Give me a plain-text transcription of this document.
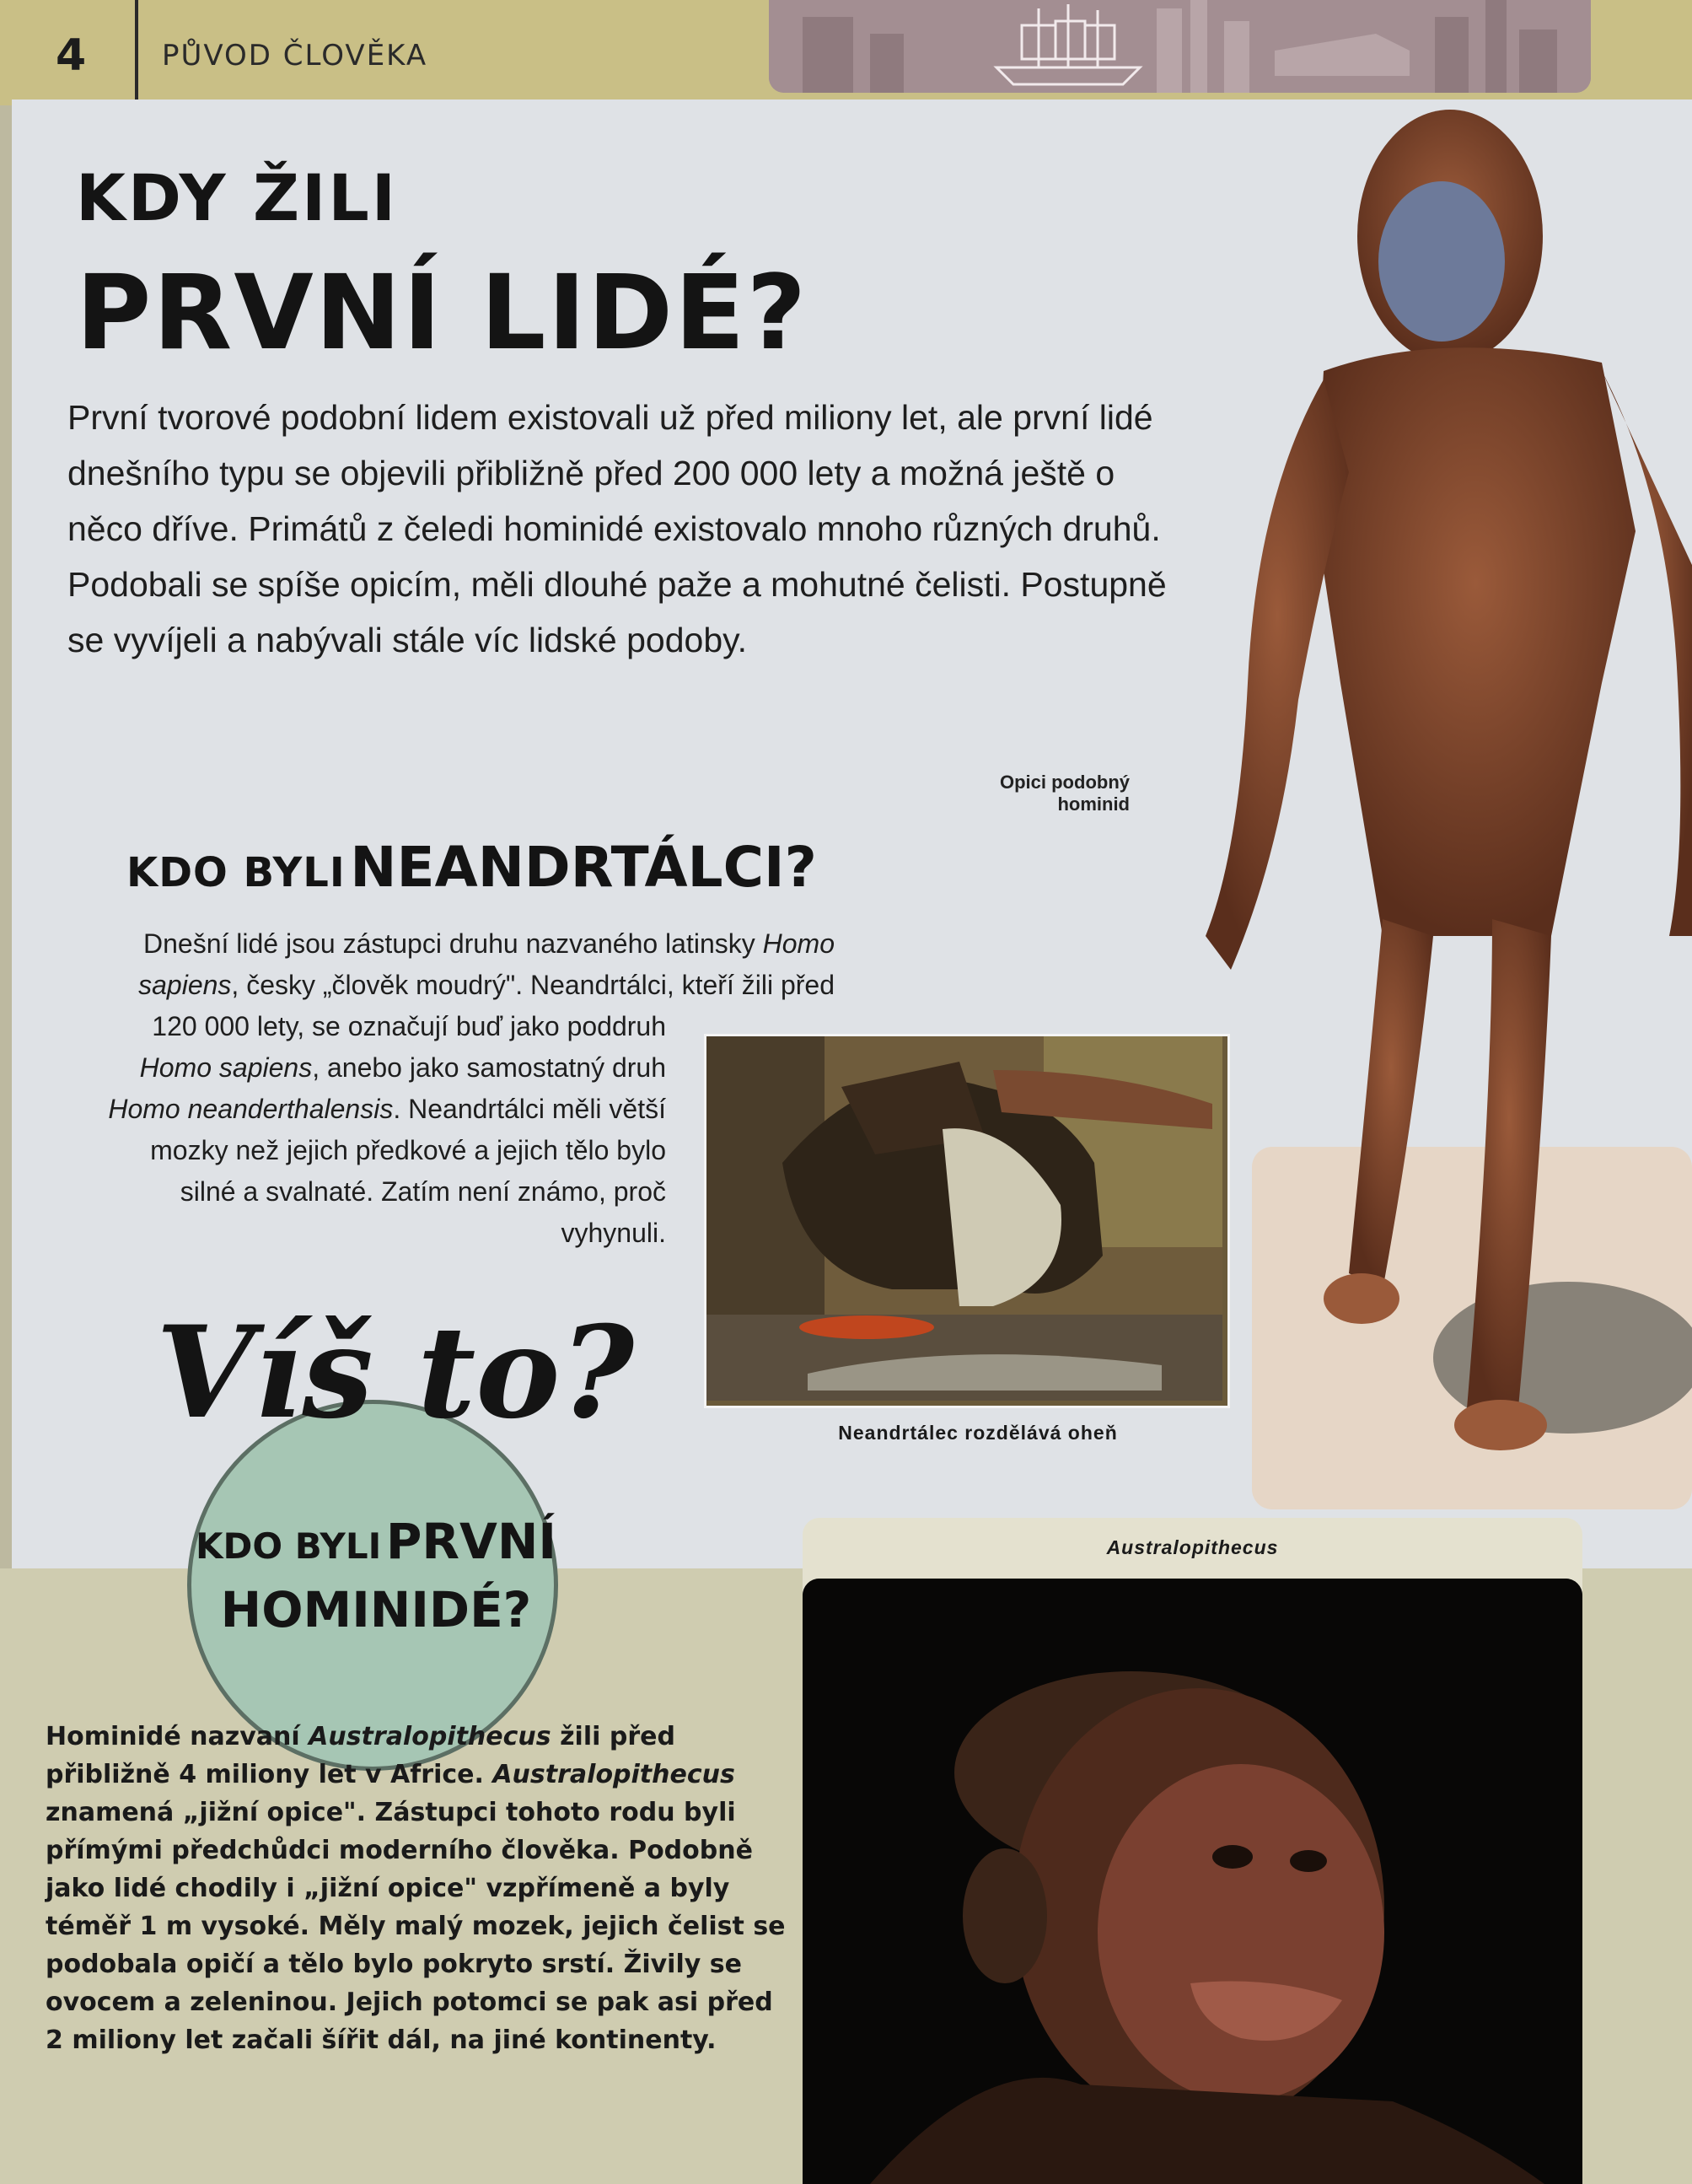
4	PŮVOD ČLOVĚKA
KDY ŽILI
PRVNÍ LIDÉ?
První tvorové podobní lidem existovali už před miliony let, ale první lidé dnešního typu se objevili přibližně před 200 000 lety a možná ještě o něco dříve. Primátů z čeledi hominidé existovalo mnoho různých druhů. Podobali se spíše opicím, měli dlouhé paže a mohutné čelisti. Postupně se vyvíjeli a nabývali stále víc lidské podoby.
Opici podobný hominid
KDO BYLI NEANDRTÁLCI?
Dnešní lidé jsou zástupci druhu nazvaného latinsky Homo
sapiens, česky „člověk moudrý". Neandrtálci, kteří žili před
120 000 lety, se označují buď jako poddruh
Homo sapiens, anebo jako samostatný druh
Homo neanderthalensis. Neandrtálci měli větší
mozky než jejich předkové a jejich tělo bylo
silné a svalnaté. Zatím není známo, proč vyhynuli.
Neandrtálec rozdělává oheň
Víš to?
KDO BYLI PRVNÍ
HOMINIDÉ?
Hominidé nazvaní Australopithecus žili před přibližně 4 miliony let v Africe. Australopithecus znamená „jižní opice". Zástupci tohoto rodu byli přímými předchůdci moderního člověka. Podobně jako lidé chodily i „jižní opice" vzpřímeně a byly téměř 1 m vysoké. Měly malý mozek, jejich čelist se podobala opičí a tělo bylo pokryto srstí. Živily se ovocem a zeleninou. Jejich potomci se pak asi před 2 miliony let začali šířit dál, na jiné kontinenty.
Australopithecus
